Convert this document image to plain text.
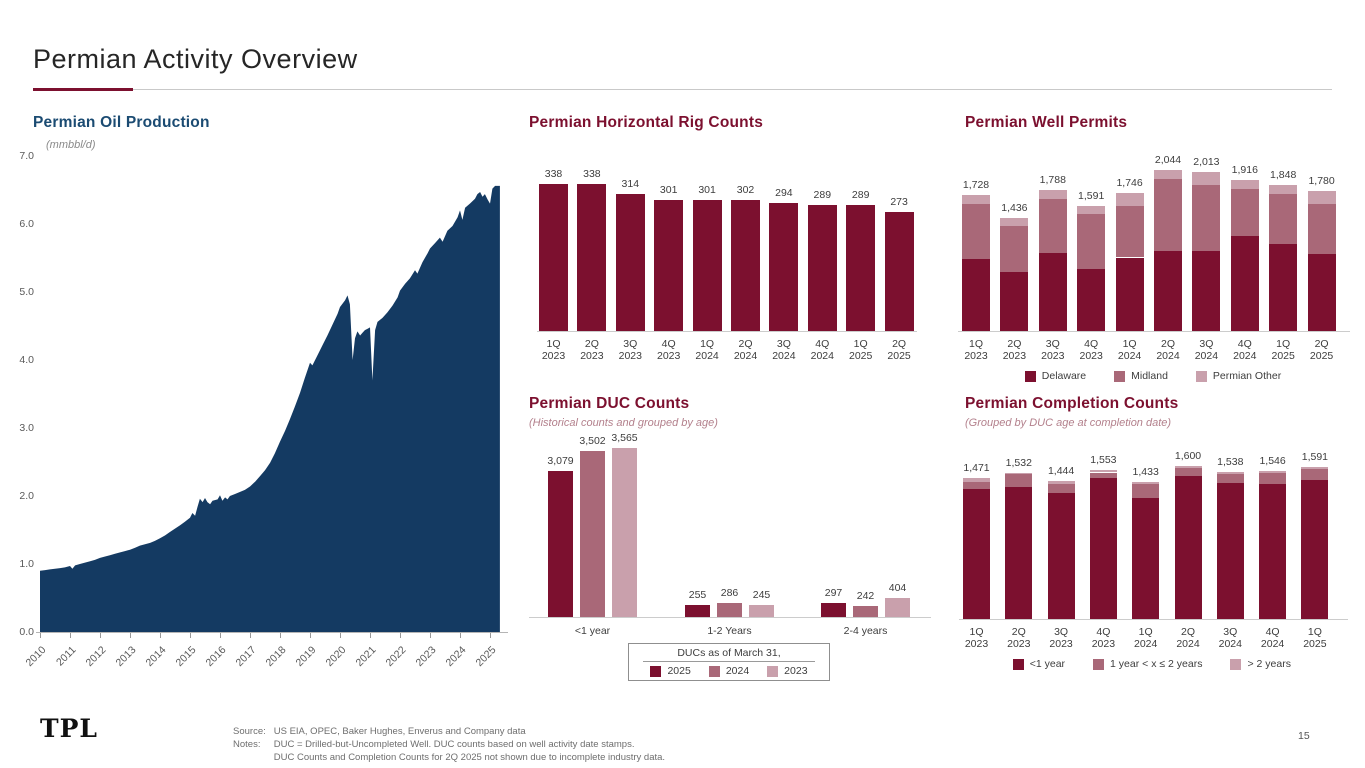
Permian Activity Overview
Permian Oil Production
(mmbbl/d)
7.0
6.0
5.0
4.0
3.0
2.0
1.0
0.0
2010 2011 2012 2013 2014 2015 2016 2017 2018 2019 2020 2021 2022 2023 2024 2025
Permian Horizontal Rig Counts
338
1Q
2023
338
2Q
2023
314
3Q
2023
301
4Q
2023
301
1Q
2024
302
2Q
2024
294
3Q
2024
289
4Q
2024
289
1Q
2025
273
2Q
2025
Permian Well Permits
1,728
1Q
2023
1,436
2Q
2023
1,788
3Q
2023
1,591
4Q
2023
1,746
1Q
2024
2,044
2Q
2024
2,013
3Q
2024
1,916
4Q
2024
1,848
1Q
2025
1,780
2Q
2025
Delaware	Midland	Permian Other
Permian DUC Counts
(Historical counts and grouped by age)
3,079
3,502 3,565
<1 year
255 286 245
1-2 Years
297 242
404
2-4 years
DUCs as of March 31,
2025	2024	2023
Permian Completion Counts
(Grouped by DUC age at completion date)
1,471
1Q
2023
1,532
2Q
2023
1,444
3Q
2023
1,553
4Q
2023
1,433
1Q
2024
1,600
2Q
2024
1,538
3Q
2024
1,546
4Q
2024
1,591
1Q
2025
<1 year	1 year < x ≤ 2 years	> 2 years
TPL	Source:	US EIA, OPEC, Baker Hughes, Enverus and Company data
Notes:	DUC = Drilled-but-Uncompleted Well. DUC counts based on well activity date stamps.
	DUC Counts and Completion Counts for 2Q 2025 not shown due to incomplete industry data.
15
